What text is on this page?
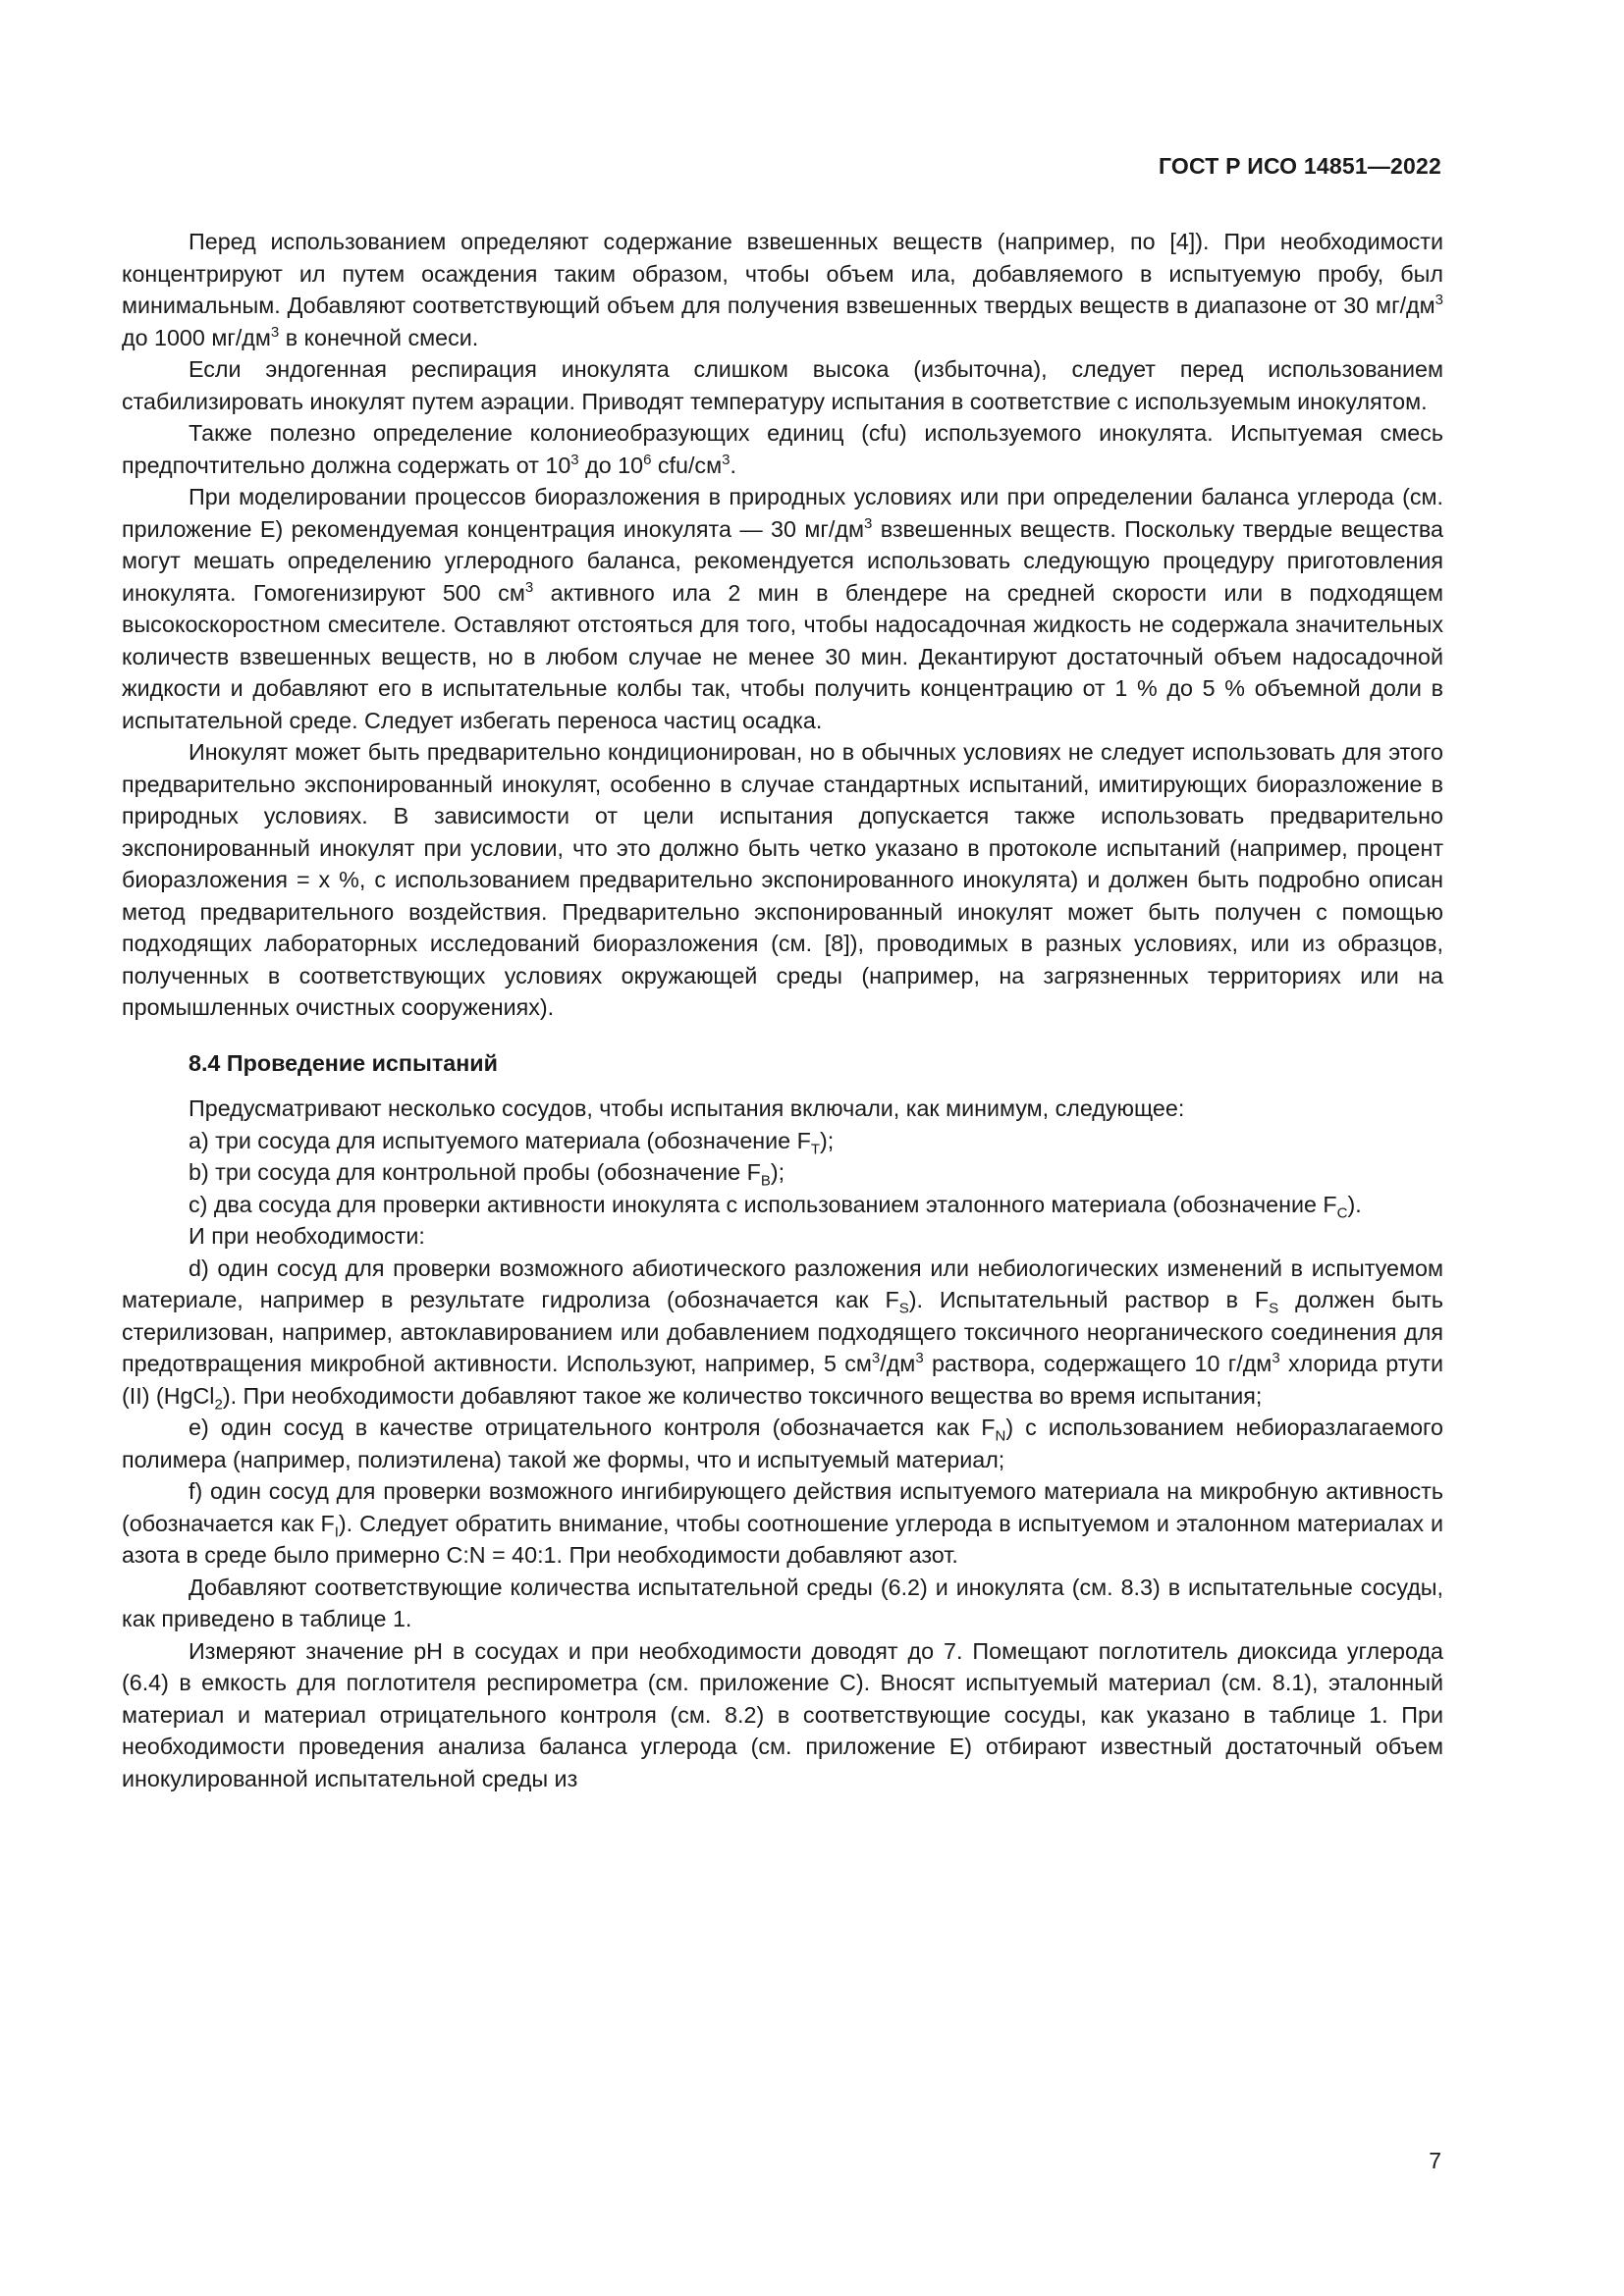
ГОСТ Р ИСО 14851—2022

Перед использованием определяют содержание взвешенных веществ (например, по [4]). При необходимости концентрируют ил путем осаждения таким образом, чтобы объем ила, добавляемого в испытуемую пробу, был минимальным. Добавляют соответствующий объем для получения взвешенных твердых веществ в диапазоне от 30 $мг/дм^3$ до 1000 $мг/дм^3$ в конечной смеси.

Если эндогенная респирация инокулята слишком высока (избыточна), следует перед использованием стабилизировать инокулят путем аэрации. Приводят температуру испытания в соответствие с используемым инокулятом.

Также полезно определение колониеобразующих единиц (cfu) используемого инокулята. Испытуемая смесь предпочтительно должна содержать от $10^3$ до $10^6$ cfu/$см^3$.

При моделировании процессов биоразложения в природных условиях или при определении баланса углерода (см. приложение Е) рекомендуемая концентрация инокулята — 30 $мг/дм^3$ взвешенных веществ. Поскольку твердые вещества могут мешать определению углеродного баланса, рекомендуется использовать следующую процедуру приготовления инокулята. Гомогенизируют 500 $см^3$ активного ила 2 мин в блендере на средней скорости или в подходящем высокоскоростном смесителе. Оставляют отстояться для того, чтобы надосадочная жидкость не содержала значительных количеств взвешенных веществ, но в любом случае не менее 30 мин. Декантируют достаточный объем надосадочной жидкости и добавляют его в испытательные колбы так, чтобы получить концентрацию от 1 % до 5 % объемной доли в испытательной среде. Следует избегать переноса частиц осадка.

Инокулят может быть предварительно кондиционирован, но в обычных условиях не следует использовать для этого предварительно экспонированный инокулят, особенно в случае стандартных испытаний, имитирующих биоразложение в природных условиях. В зависимости от цели испытания допускается также использовать предварительно экспонированный инокулят при условии, что это должно быть четко указано в протоколе испытаний (например, процент биоразложения = x %, с использованием предварительно экспонированного инокулята) и должен быть подробно описан метод предварительного воздействия. Предварительно экспонированный инокулят может быть получен с помощью подходящих лабораторных исследований биоразложения (см. [8]), проводимых в разных условиях, или из образцов, полученных в соответствующих условиях окружающей среды (например, на загрязненных территориях или на промышленных очистных сооружениях).

8.4 Проведение испытаний

Предусматривают несколько сосудов, чтобы испытания включали, как минимум, следующее:

a) три сосуда для испытуемого материала (обозначение $F_T$);

b) три сосуда для контрольной пробы (обозначение $F_B$);

c) два сосуда для проверки активности инокулята с использованием эталонного материала (обозначение $F_C$).

И при необходимости:

d) один сосуд для проверки возможного абиотического разложения или небиологических изменений в испытуемом материале, например в результате гидролиза (обозначается как $F_S$). Испытательный раствор в $F_S$ должен быть стерилизован, например, автоклавированием или добавлением подходящего токсичного неорганического соединения для предотвращения микробной активности. Используют, например, 5 $см^3/дм^3$ раствора, содержащего 10 $г/дм^3$ хлорида ртути (II) (HgCl$_2$). При необходимости добавляют такое же количество токсичного вещества во время испытания;

e) один сосуд в качестве отрицательного контроля (обозначается как $F_N$) с использованием небиоразлагаемого полимера (например, полиэтилена) такой же формы, что и испытуемый материал;

f) один сосуд для проверки возможного ингибирующего действия испытуемого материала на микробную активность (обозначается как $F_I$). Следует обратить внимание, чтобы соотношение углерода в испытуемом и эталонном материалах и азота в среде было примерно C:N = 40:1. При необходимости добавляют азот.

Добавляют соответствующие количества испытательной среды (6.2) и инокулята (см. 8.3) в испытательные сосуды, как приведено в таблице 1.

Измеряют значение pH в сосудах и при необходимости доводят до 7. Помещают поглотитель диоксида углерода (6.4) в емкость для поглотителя респирометра (см. приложение С). Вносят испытуемый материал (см. 8.1), эталонный материал и материал отрицательного контроля (см. 8.2) в соответствующие сосуды, как указано в таблице 1. При необходимости проведения анализа баланса углерода (см. приложение Е) отбирают известный достаточный объем инокулированной испытательной среды из

7
